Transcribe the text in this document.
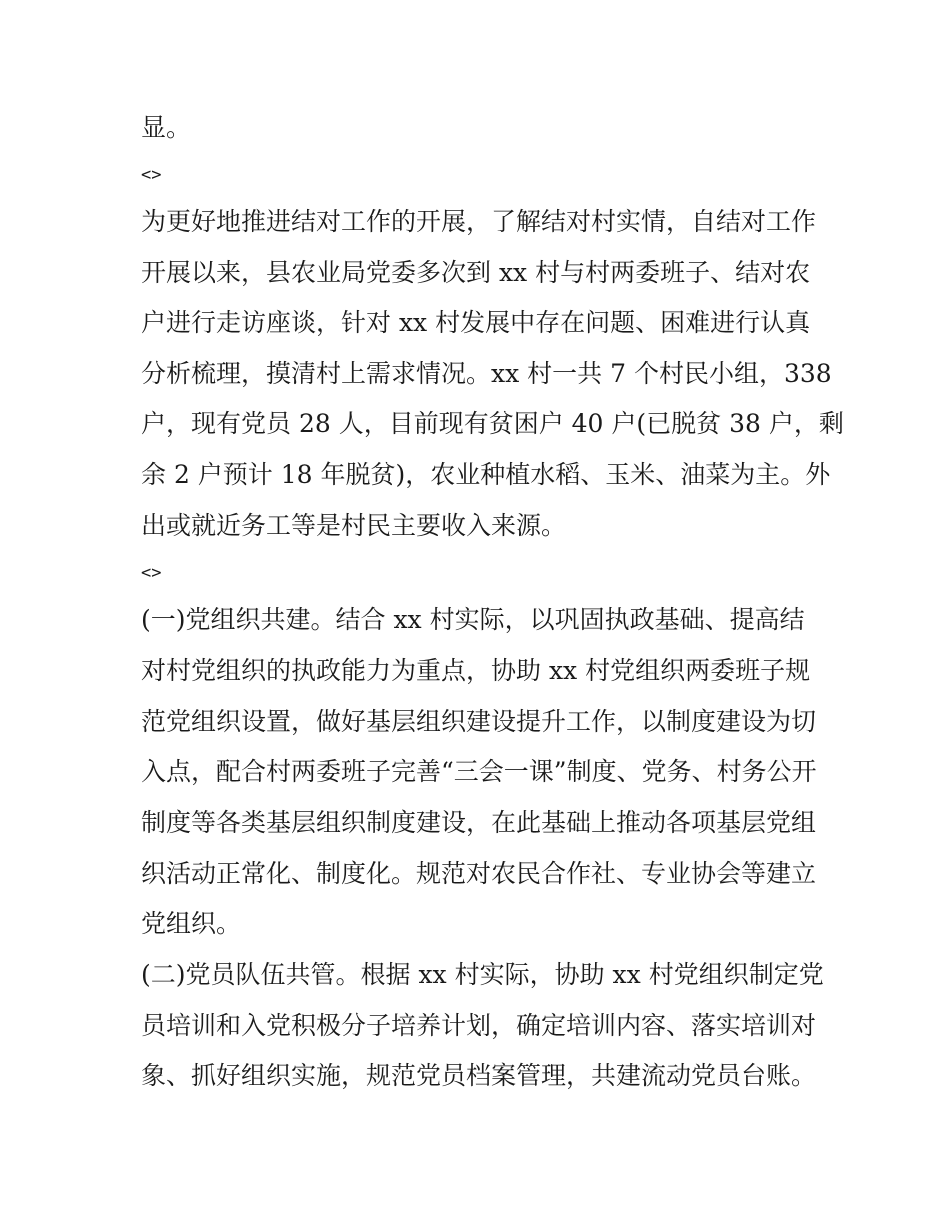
显。
<>
为更好地推进结对工作的开展，了解结对村实情，自结对工作
开展以来，县农业局党委多次到 xx 村与村两委班子、结对农
户进行走访座谈，针对 xx 村发展中存在问题、困难进行认真
分析梳理，摸清村上需求情况。xx 村一共 7 个村民小组，338
户，现有党员 28 人，目前现有贫困户 40 户(已脱贫 38 户，剩
余 2 户预计 18 年脱贫)，农业种植水稻、玉米、油菜为主。外
出或就近务工等是村民主要收入来源。
<>
(一)党组织共建。结合 xx 村实际，以巩固执政基础、提高结
对村党组织的执政能力为重点，协助 xx 村党组织两委班子规
范党组织设置，做好基层组织建设提升工作，以制度建设为切
入点，配合村两委班子完善“三会一课”制度、党务、村务公开
制度等各类基层组织制度建设，在此基础上推动各项基层党组
织活动正常化、制度化。规范对农民合作社、专业协会等建立
党组织。
(二)党员队伍共管。根据 xx 村实际，协助 xx 村党组织制定党
员培训和入党积极分子培养计划，确定培训内容、落实培训对
象、抓好组织实施，规范党员档案管理，共建流动党员台账。
